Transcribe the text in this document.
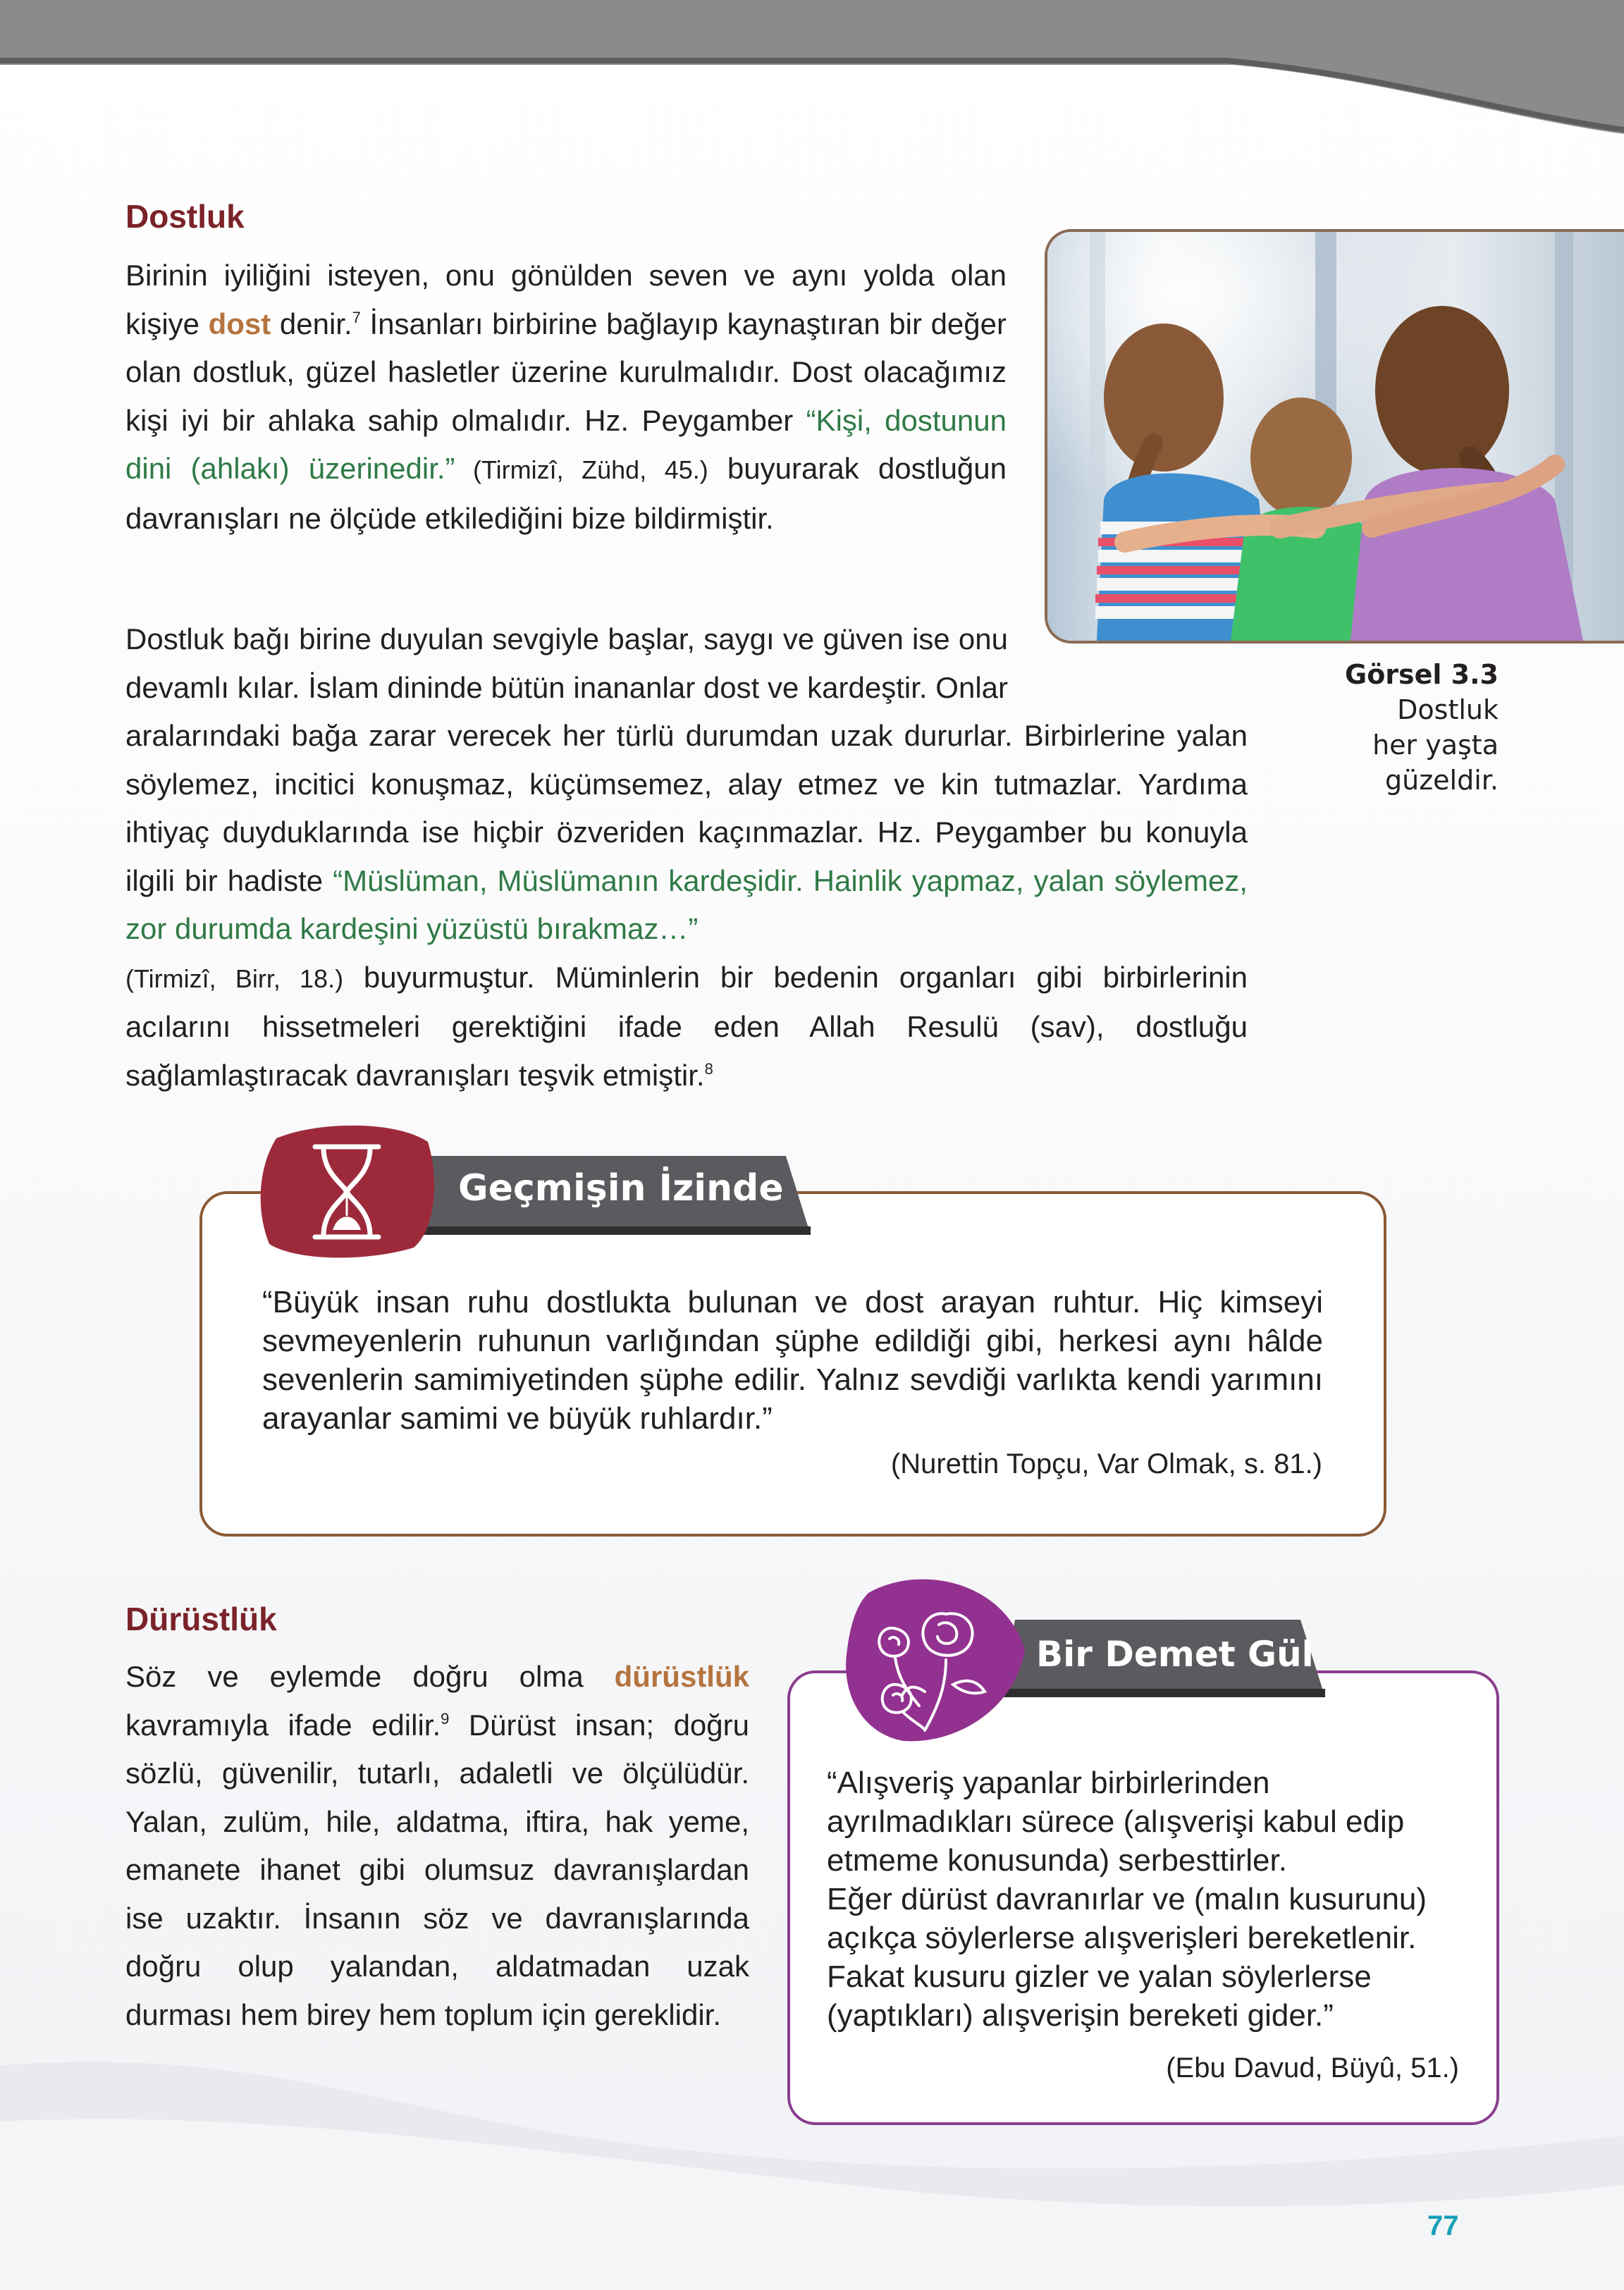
Dostluk
Birinin iyiliğini isteyen, onu gönülden seven ve aynı yolda olan kişiye dost denir.$^7$ İnsanları birbirine bağlayıp kaynaştıran bir değer olan dostluk, güzel hasletler üzerine kurulmalıdır. Dost olacağımız kişi iyi bir ahlaka sahip olmalıdır. Hz. Peygamber “Kişi, dostunun dini (ahlakı) üzerinedir.” (Tirmizî, Zühd, 45.) buyurarak dostluğun davranışları ne ölçüde etkilediğini bize bildirmiştir.
Görsel 3.3
Dostluk
her yaşta
güzeldir.
Dostluk bağı birine duyulan sevgiyle başlar, saygı ve güven ise onu devamlı kılar. İslam dininde bütün inananlar dost ve kardeştir. Onlar aralarındaki bağa zarar verecek her türlü durumdan uzak dururlar. Birbirlerine yalan söylemez, incitici konuşmaz, küçümsemez, alay etmez ve kin tutmazlar. Yardıma ihtiyaç duyduklarında ise hiçbir özveriden kaçınmazlar. Hz. Peygamber bu konuyla ilgili bir hadiste “Müslüman, Müslümanın kardeşidir. Hainlik yapmaz, yalan söylemez, zor durumda kardeşini yüzüstü bırakmaz…”
(Tirmizî, Birr, 18.) buyurmuştur. Müminlerin bir bedenin organları gibi birbirlerinin acılarını hissetmeleri gerektiğini ifade eden Allah Resulü (sav), dostluğu sağlamlaştıracak davranışları teşvik etmiştir.$^8$
Geçmişin İzinde
“Büyük insan ruhu dostlukta bulunan ve dost arayan ruhtur. Hiç kimseyi sevmeyenlerin ruhunun varlığından şüphe edildiği gibi, herkesi aynı hâlde sevenlerin samimiyetinden şüphe edilir. Yalnız sevdiği varlıkta kendi yarımını arayanlar samimi ve büyük ruhlardır.”
(Nurettin Topçu, Var Olmak, s. 81.)
Dürüstlük
Söz ve eylemde doğru olma dürüstlük kavramıyla ifade edilir.$^9$ Dürüst insan; doğru sözlü, güvenilir, tutarlı, adaletli ve ölçülüdür. Yalan, zulüm, hile, aldatma, iftira, hak yeme, emanete ihanet gibi olumsuz davranışlardan ise uzaktır. İnsanın söz ve davranışlarında doğru olup yalandan, aldatmadan uzak durması hem birey hem toplum için gereklidir.
Bir Demet Gül
“Alışveriş yapanlar birbirlerinden
ayrılmadıkları sürece (alışverişi kabul edip
etmeme konusunda) serbesttirler.
Eğer dürüst davranırlar ve (malın kusurunu)
açıkça söylerlerse alışverişleri bereketlenir.
Fakat kusuru gizler ve yalan söylerlerse
(yaptıkları) alışverişin bereketi gider.”
(Ebu Davud, Büyû, 51.)
77
